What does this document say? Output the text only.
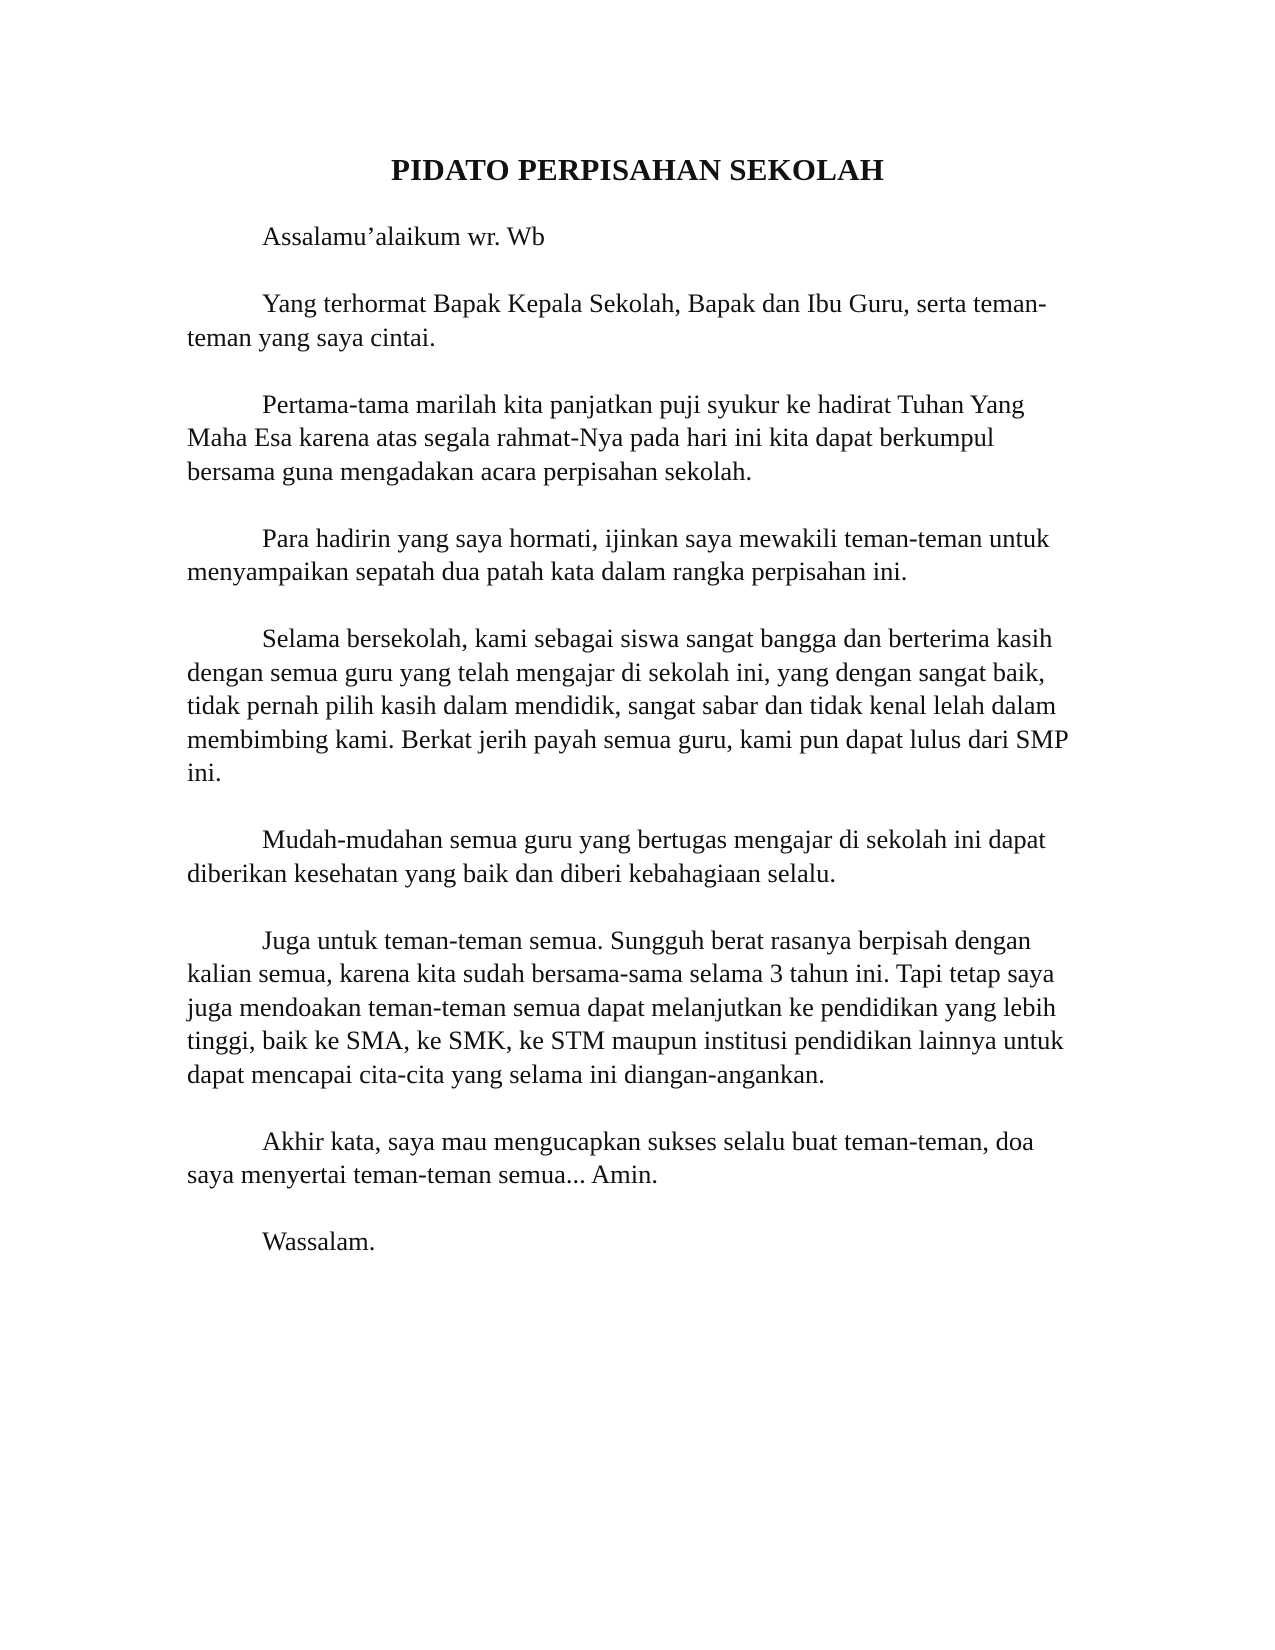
PIDATO PERPISAHAN SEKOLAH

Assalamu’alaikum wr. Wb

Yang terhormat Bapak Kepala Sekolah, Bapak dan Ibu Guru, serta teman-teman yang saya cintai.

Pertama-tama marilah kita panjatkan puji syukur ke hadirat Tuhan Yang Maha Esa karena atas segala rahmat-Nya pada hari ini kita dapat berkumpul bersama guna mengadakan acara perpisahan sekolah.

Para hadirin yang saya hormati, ijinkan saya mewakili teman-teman untuk menyampaikan sepatah dua patah kata dalam rangka perpisahan ini.

Selama bersekolah, kami sebagai siswa sangat bangga dan berterima kasih dengan semua guru yang telah mengajar di sekolah ini, yang dengan sangat baik, tidak pernah pilih kasih dalam mendidik, sangat sabar dan tidak kenal lelah dalam membimbing kami. Berkat jerih payah semua guru, kami pun dapat lulus dari SMP ini.

Mudah-mudahan semua guru yang bertugas mengajar di sekolah ini dapat diberikan kesehatan yang baik dan diberi kebahagiaan selalu.

Juga untuk teman-teman semua. Sungguh berat rasanya berpisah dengan kalian semua, karena kita sudah bersama-sama selama 3 tahun ini. Tapi tetap saya juga mendoakan teman-teman semua dapat melanjutkan ke pendidikan yang lebih tinggi, baik ke SMA, ke SMK, ke STM maupun institusi pendidikan lainnya untuk dapat mencapai cita-cita yang selama ini diangan-angankan.

Akhir kata, saya mau mengucapkan sukses selalu buat teman-teman, doa saya menyertai teman-teman semua... Amin.

Wassalam.
